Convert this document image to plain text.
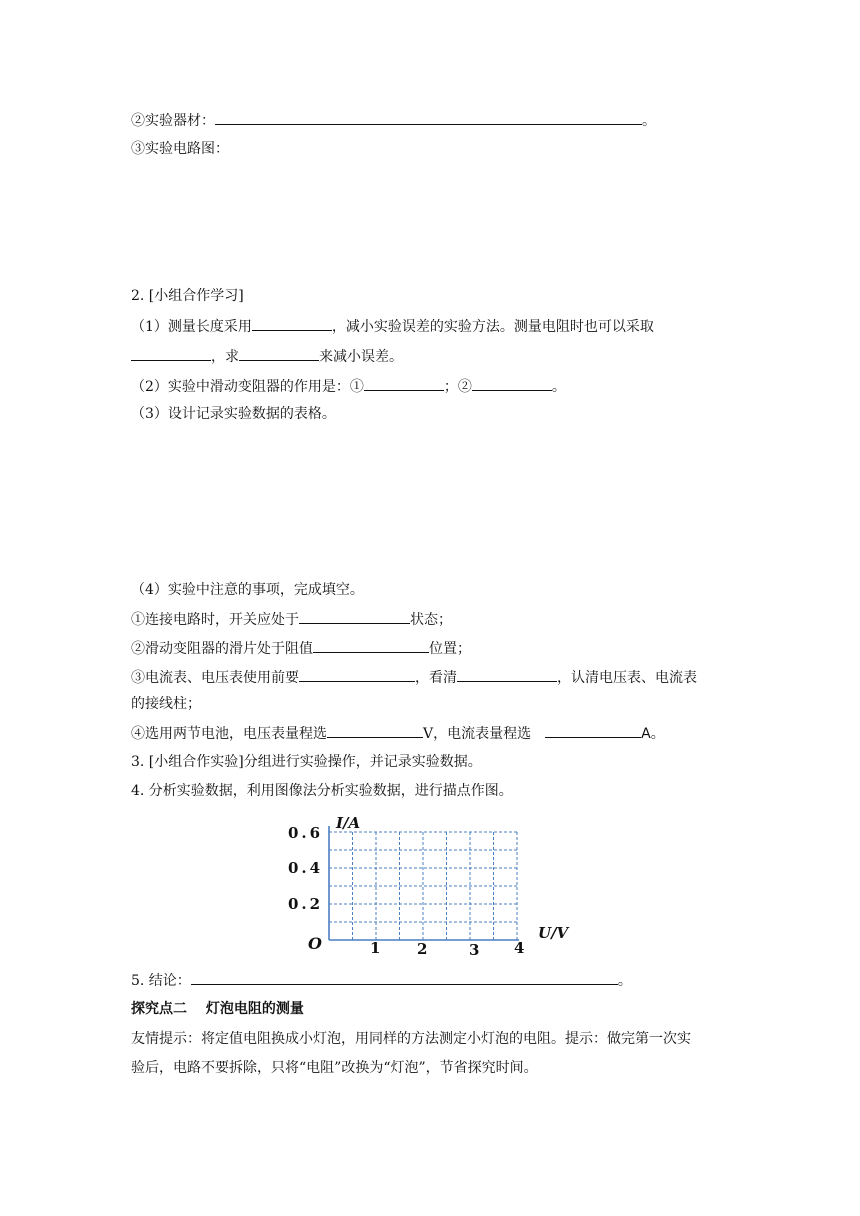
②实验器材：	。
③实验电路图：
2. [小组合作学习]
（1）测量长度采用	，减小实验误差的实验方法。测量电阻时也可以采取
，求	来减小误差。
（2）实验中滑动变阻器的作用是：①	；②	。
（3）设计记录实验数据的表格。
（4）实验中注意的事项，完成填空。
①连接电路时，开关应处于	状态；
②滑动变阻器的滑片处于阻值	位置；
③电流表、电压表使用前要	，看清	，认清电压表、电流表
的接线柱；
④选用两节电池，电压表量程选	V，电流表量程选	A。
3. [小组合作实验]分组进行实验操作，并记录实验数据。
4. 分析实验数据，利用图像法分析实验数据，进行描点作图。
I/A
U/V
O
0.6
0.4
0.2
1 2	3 4
5. 结论：	。
探究点二　 灯泡电阻的测量
友情提示：将定值电阻换成小灯泡，用同样的方法测定小灯泡的电阻。提示：做完第一次实
验后，电路不要拆除，只将“电阻”改换为“灯泡”，节省探究时间。
